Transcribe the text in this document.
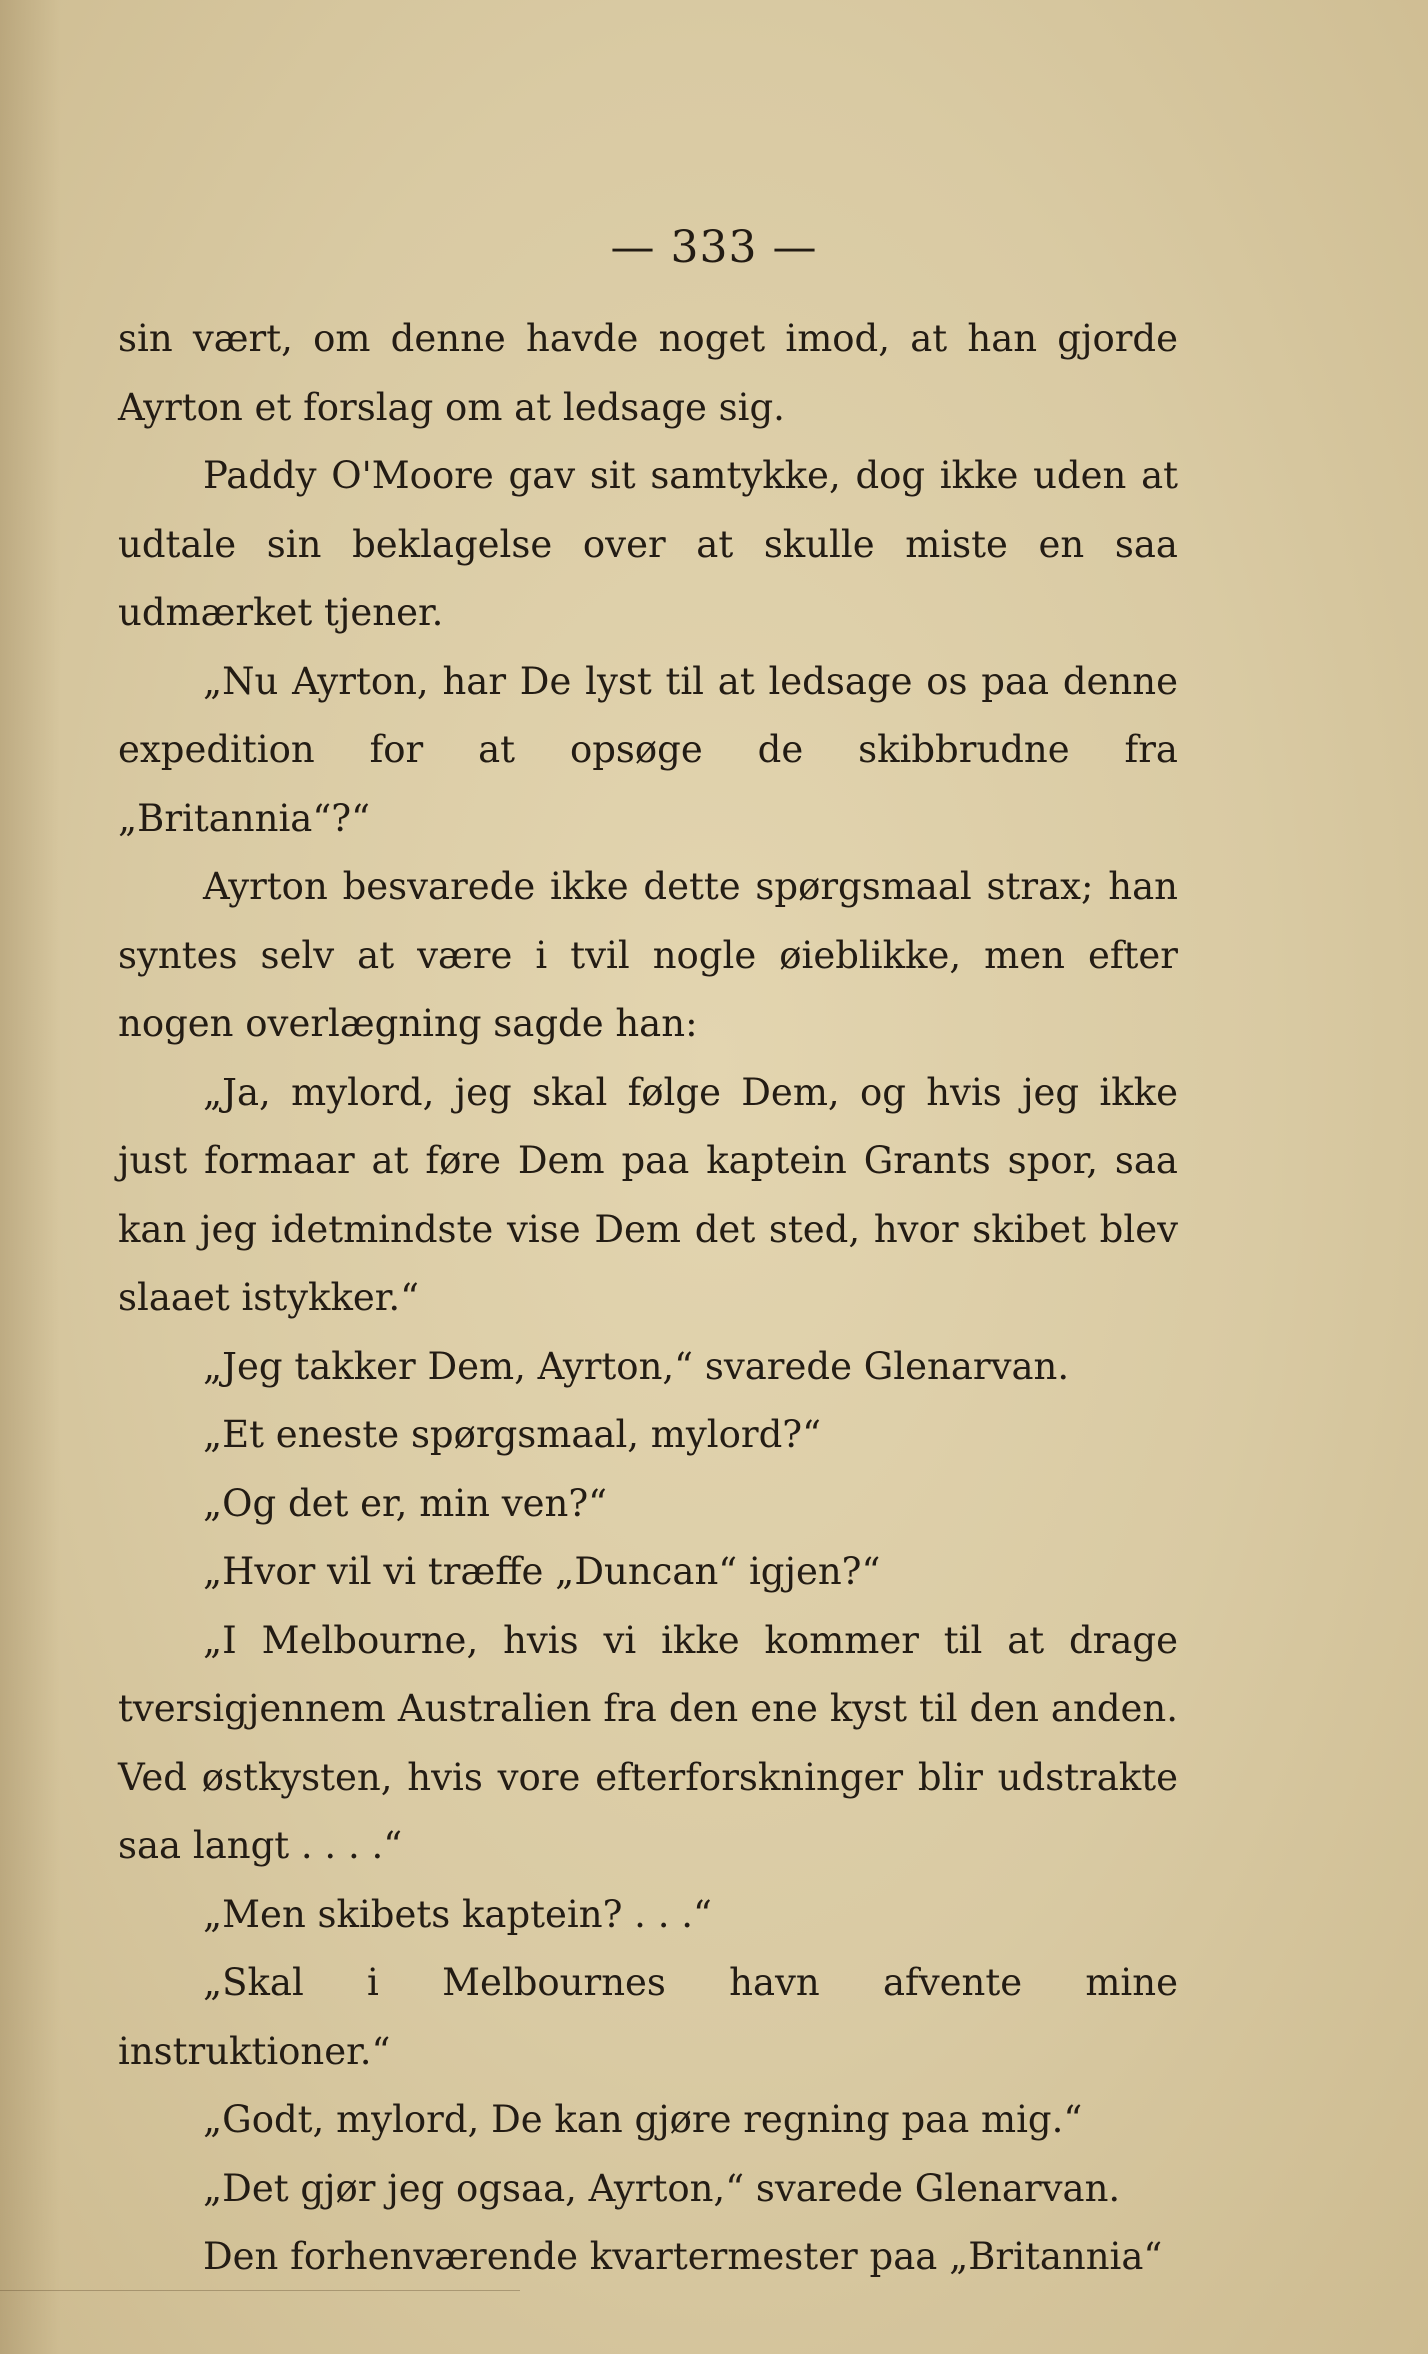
— 333 —

sin vært, om denne havde noget imod, at han gjorde Ayrton et forslag om at ledsage sig.

Paddy O'Moore gav sit samtykke, dog ikke uden at udtale sin beklagelse over at skulle miste en saa udmærket tjener.

„Nu Ayrton, har De lyst til at ledsage os paa denne expedition for at opsøge de skibbrudne fra „Britannia“?“

Ayrton besvarede ikke dette spørgsmaal strax; han syntes selv at være i tvil nogle øieblikke, men efter nogen overlægning sagde han:

„Ja, mylord, jeg skal følge Dem, og hvis jeg ikke just formaar at føre Dem paa kaptein Grants spor, saa kan jeg idetmindste vise Dem det sted, hvor skibet blev slaaet istykker.“

„Jeg takker Dem, Ayrton,“ svarede Glenarvan.

„Et eneste spørgsmaal, mylord?“

„Og det er, min ven?“

„Hvor vil vi træffe „Duncan“ igjen?“

„I Melbourne, hvis vi ikke kommer til at drage tversigjennem Australien fra den ene kyst til den anden. Ved østkysten, hvis vore efterforskninger blir udstrakte saa langt . . . .“

„Men skibets kaptein? . . .“

„Skal i Melbournes havn afvente mine instruktioner.“

„Godt, mylord, De kan gjøre regning paa mig.“

„Det gjør jeg ogsaa, Ayrton,“ svarede Glenarvan.

Den forhenværende kvartermester paa „Britannia“
